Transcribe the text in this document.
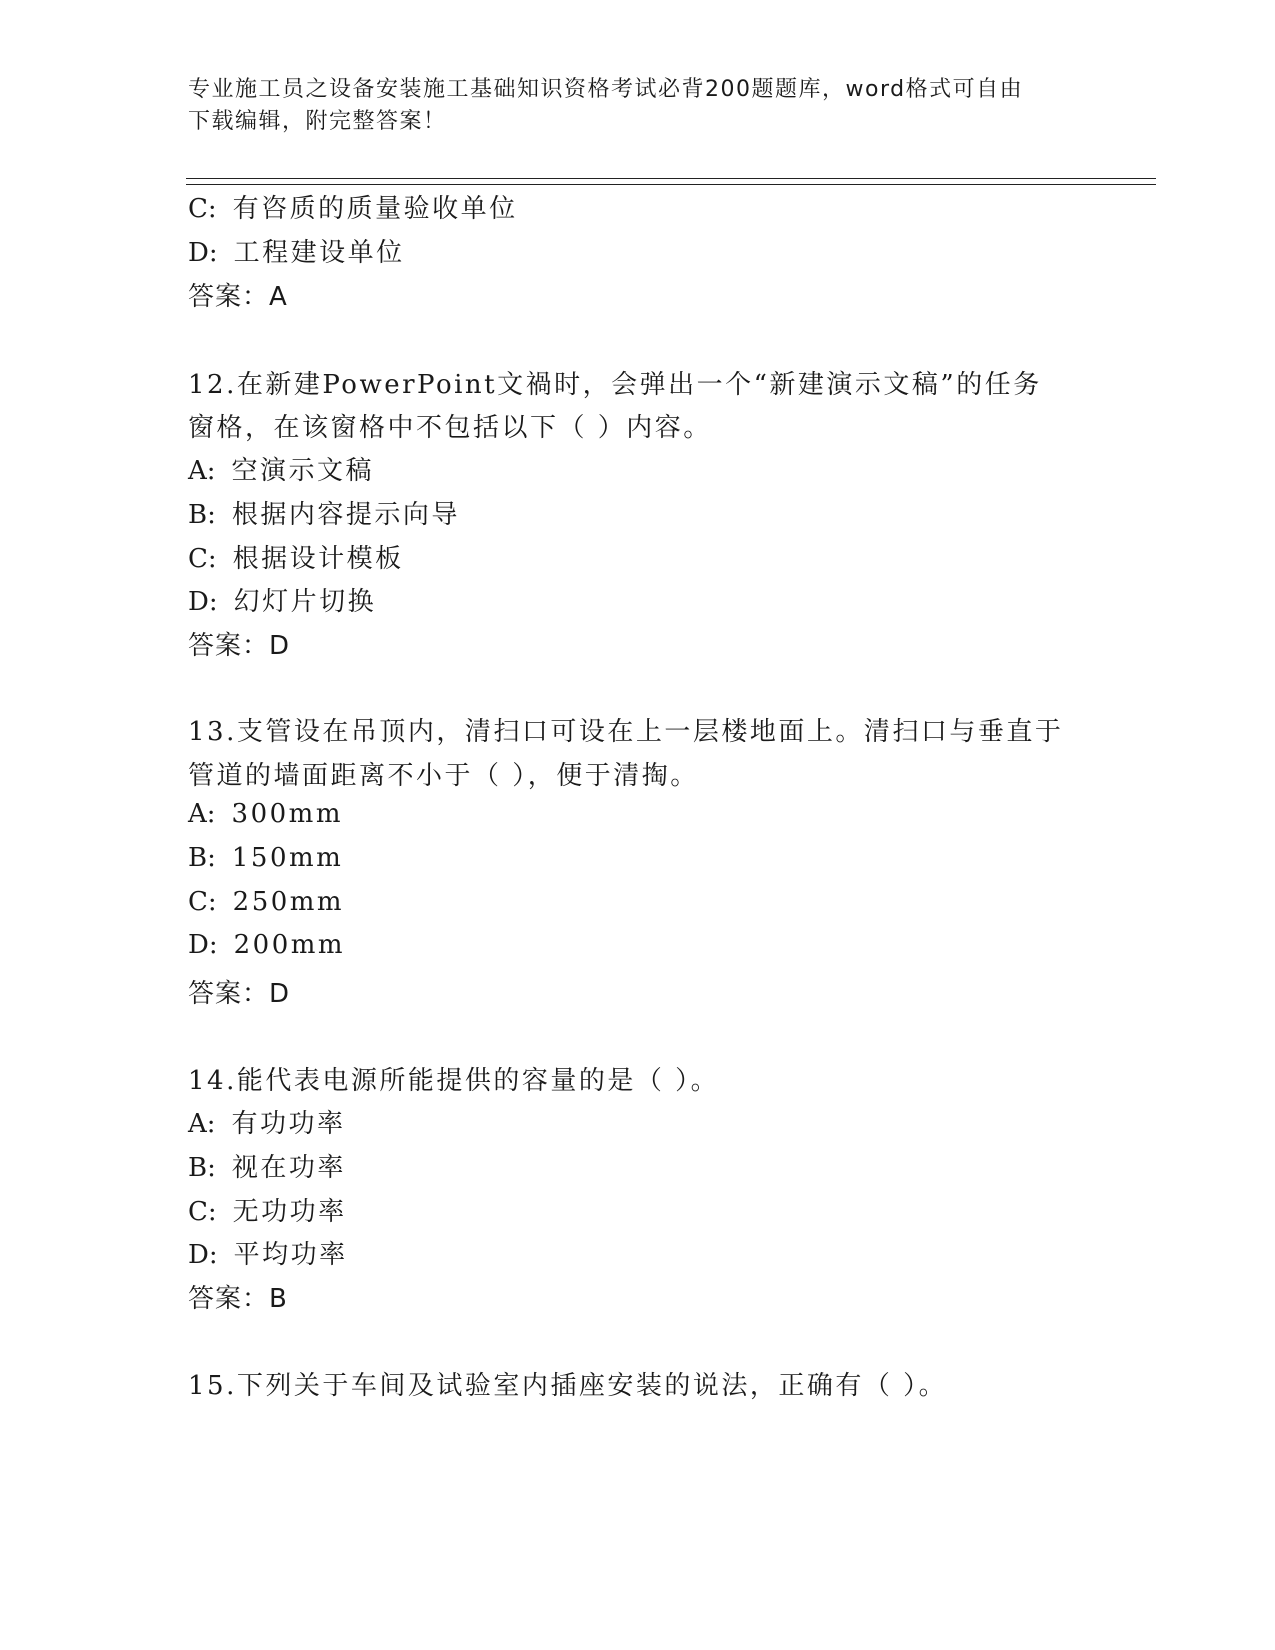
专业施工员之设备安装施工基础知识资格考试必背200题题库，word格式可自由
下载编辑，附完整答案！
C: 有咨质的质量验收单位
D: 工程建设单位
答案：A
12.在新建PowerPoint文禍时，会弹出一个“新建演示文稿”的任务
窗格，在该窗格中不包括以下（ ）内容。
A: 空演示文稿
B: 根据内容提示向导
C: 根据设计模板
D: 幻灯片切换
答案：D
13.支管设在吊顶内，清扫口可设在上一层楼地面上。清扫口与垂直于
管道的墙面距离不小于（ ），便于清掏。
A: 300mm
B: 150mm
C: 250mm
D: 200mm
答案：D
14.能代表电源所能提供的容量的是（ ）。
A: 有功功率
B: 视在功率
C: 无功功率
D: 平均功率
答案：B
15.下列关于车间及试验室内插座安装的说法，正确有（ ）。
